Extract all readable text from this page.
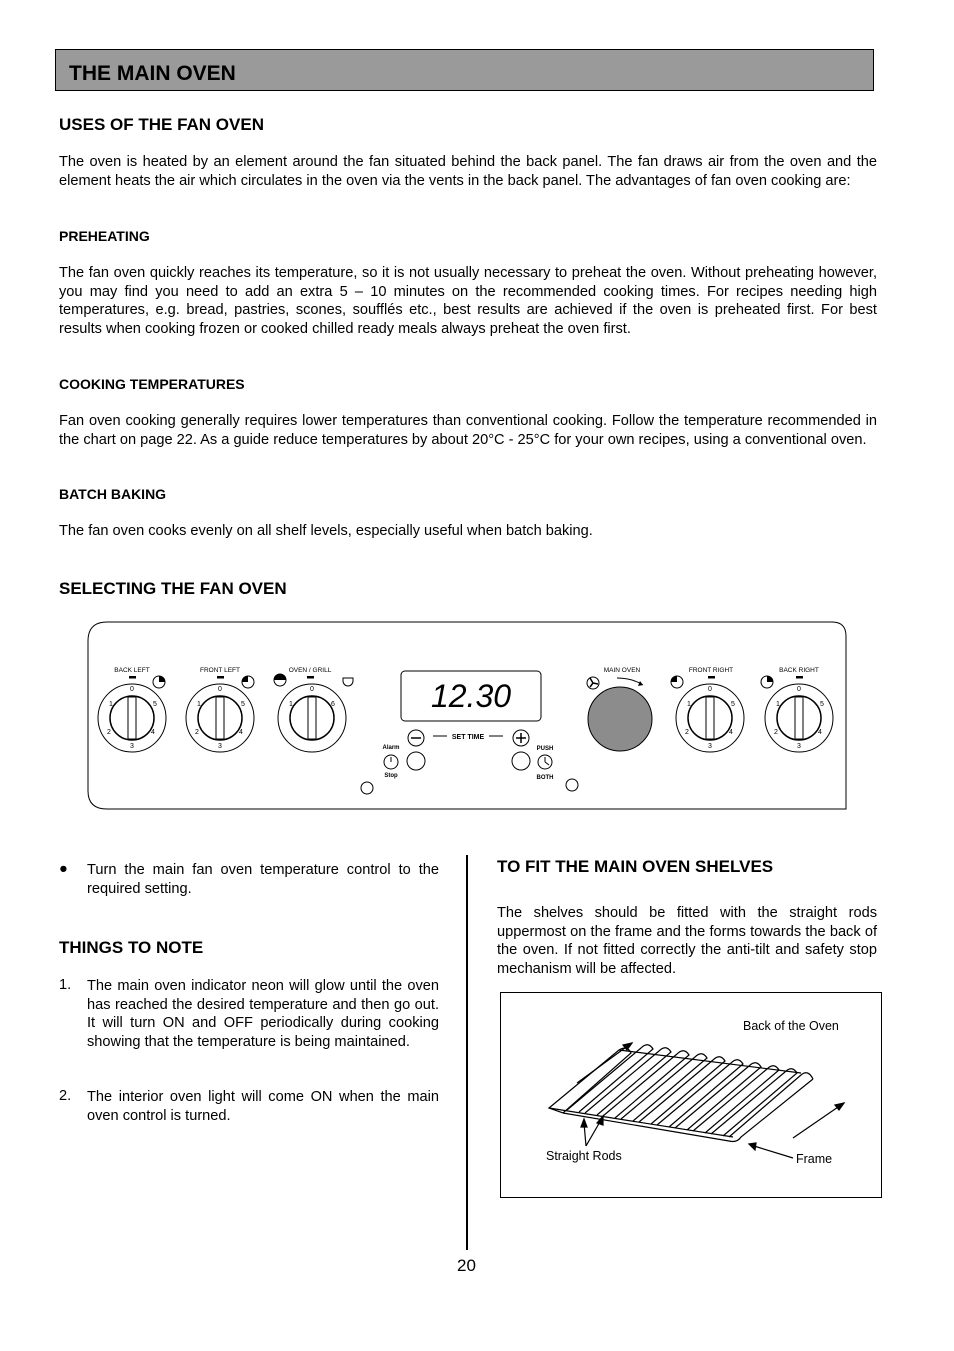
THE MAIN OVEN
USES OF THE FAN OVEN
The oven is heated by an element around the fan situated behind the back panel. The fan draws air from the oven and the element heats the air which circulates in the oven via the vents in the back panel. The advantages of fan oven cooking are:
PREHEATING
The fan oven quickly reaches its temperature, so it is not usually necessary to preheat the oven. Without preheating however, you may find you need to add an extra 5 – 10 minutes on the recommended cooking times. For recipes needing high temperatures, e.g. bread, pastries, scones, soufflés etc., best results are achieved if the oven is preheated first. For best results when cooking frozen or cooked chilled ready meals always preheat the oven first.
COOKING TEMPERATURES
Fan oven cooking generally requires lower temperatures than conventional cooking. Follow the temperature recommended in the chart on page 22. As a guide reduce temperatures by about 20°C - 25°C for your own recipes, using a conventional oven.
BATCH BAKING
The fan oven cooks evenly on all shelf levels, especially useful when batch baking.
SELECTING THE FAN OVEN
BACK LEFT	FRONT LEFT	OVEN / GRILL	MAIN OVEN	FRONT RIGHT	BACK RIGHT
0
1
2
3
4
5
0
1
2
3
4
5
0
1	6
0
1
2
3
4
5
0
1
2
3
4
5
12.30
SET TIME
Alarm
Stop
PUSH
BOTH
● Turn the main fan oven temperature control to the required setting.
THINGS TO NOTE
1. The main oven indicator neon will glow until the oven has reached the desired temperature and then go out. It will turn ON and OFF periodically during cooking showing that the temperature is being maintained.
2. The interior oven light will come ON when the main oven control is turned.
TO FIT THE MAIN OVEN SHELVES
The shelves should be fitted with the straight rods uppermost on the frame and the forms towards the back of the oven. If not fitted correctly the anti-tilt and safety stop mechanism will be affected.
Back of the Oven
Straight Rods	Frame
20
